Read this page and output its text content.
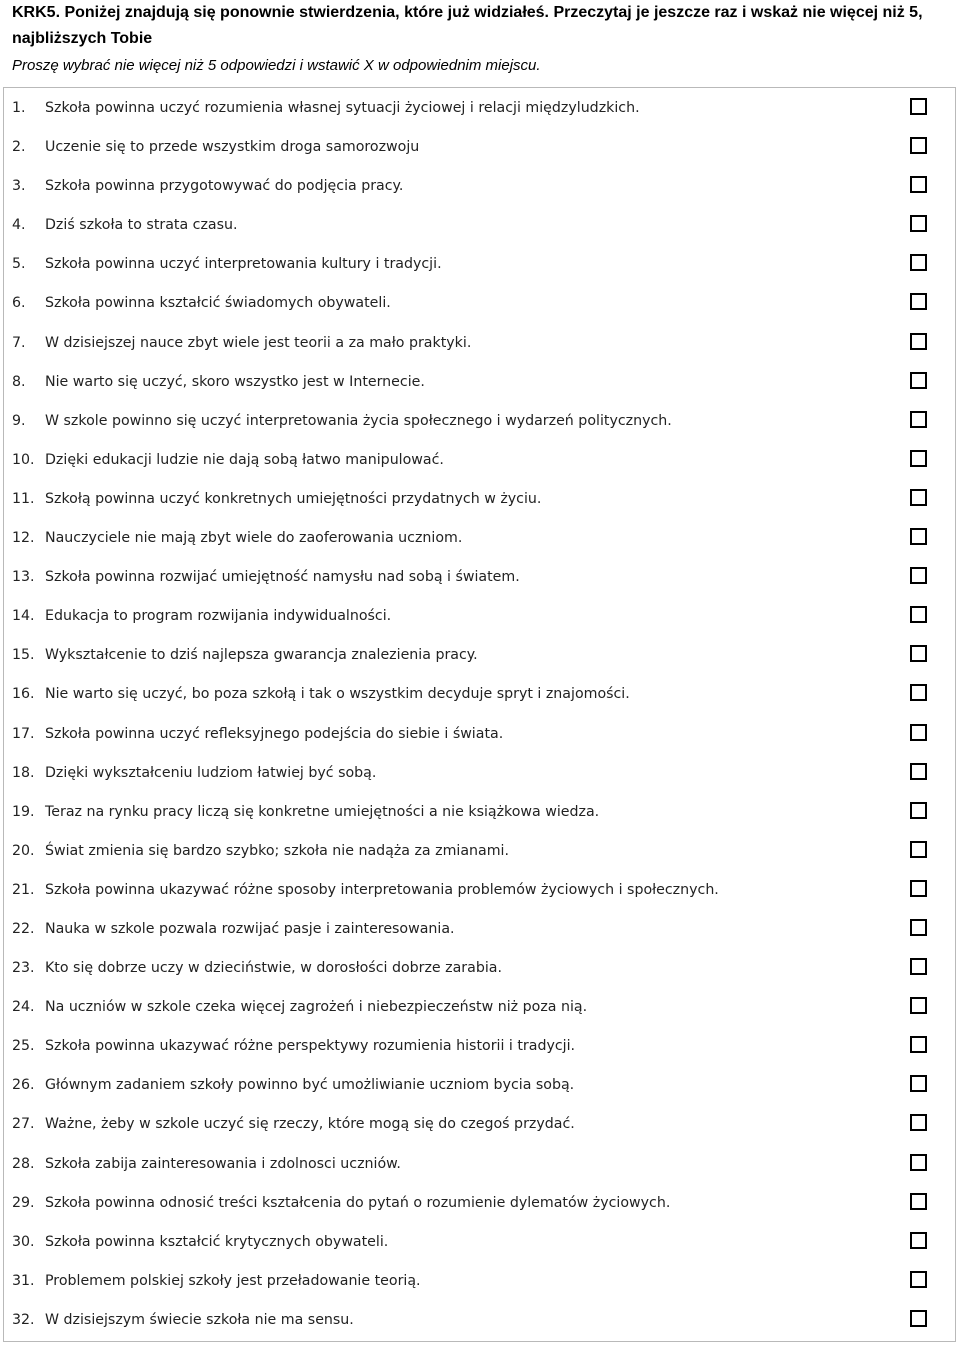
KRK5. Poniżej znajdują się ponownie stwierdzenia, które już widziałeś. Przeczytaj je jeszcze raz i wskaż nie więcej niż 5, najbliższych Tobie

Proszę wybrać nie więcej niż 5 odpowiedzi i wstawić X w odpowiednim miejscu.

1. Szkoła powinna uczyć rozumienia własnej sytuacji życiowej i relacji międzyludzkich.
2. Uczenie się to przede wszystkim droga samorozwoju
3. Szkoła powinna przygotowywać do podjęcia pracy.
4. Dziś szkoła to strata czasu.
5. Szkoła powinna uczyć interpretowania kultury i tradycji.
6. Szkoła powinna kształcić świadomych obywateli.
7. W dzisiejszej nauce zbyt wiele jest teorii a za mało praktyki.
8. Nie warto się uczyć, skoro wszystko jest w Internecie.
9. W szkole powinno się uczyć interpretowania życia społecznego i wydarzeń politycznych.
10. Dzięki edukacji ludzie nie dają sobą łatwo manipulować.
11. Szkołą powinna uczyć konkretnych umiejętności przydatnych w życiu.
12. Nauczyciele nie mają zbyt wiele do zaoferowania uczniom.
13. Szkoła powinna rozwijać umiejętność namysłu nad sobą i światem.
14. Edukacja to program rozwijania indywidualności.
15. Wykształcenie to dziś najlepsza gwarancja znalezienia pracy.
16. Nie warto się uczyć, bo poza szkołą i tak o wszystkim decyduje spryt i znajomości.
17. Szkoła powinna uczyć refleksyjnego podejścia do siebie i świata.
18. Dzięki wykształceniu ludziom łatwiej być sobą.
19. Teraz na rynku pracy liczą się konkretne umiejętności a nie książkowa wiedza.
20. Świat zmienia się bardzo szybko; szkoła nie nadąża za zmianami.
21. Szkoła powinna ukazywać różne sposoby interpretowania problemów życiowych i społecznych.
22. Nauka w szkole pozwala rozwijać pasje i zainteresowania.
23. Kto się dobrze uczy w dzieciństwie, w dorosłości dobrze zarabia.
24. Na uczniów w szkole czeka więcej zagrożeń i niebezpieczeństw niż poza nią.
25. Szkoła powinna ukazywać różne perspektywy rozumienia historii i tradycji.
26. Głównym zadaniem szkoły powinno być umożliwianie uczniom bycia sobą.
27. Ważne, żeby w szkole uczyć się rzeczy, które mogą się do czegoś przydać.
28. Szkoła zabija zainteresowania i zdolnosci uczniów.
29. Szkoła powinna odnosić treści kształcenia do pytań o rozumienie dylematów życiowych.
30. Szkoła powinna kształcić krytycznych obywateli.
31. Problemem polskiej szkoły jest przeładowanie teorią.
32. W dzisiejszym świecie szkoła nie ma sensu.
